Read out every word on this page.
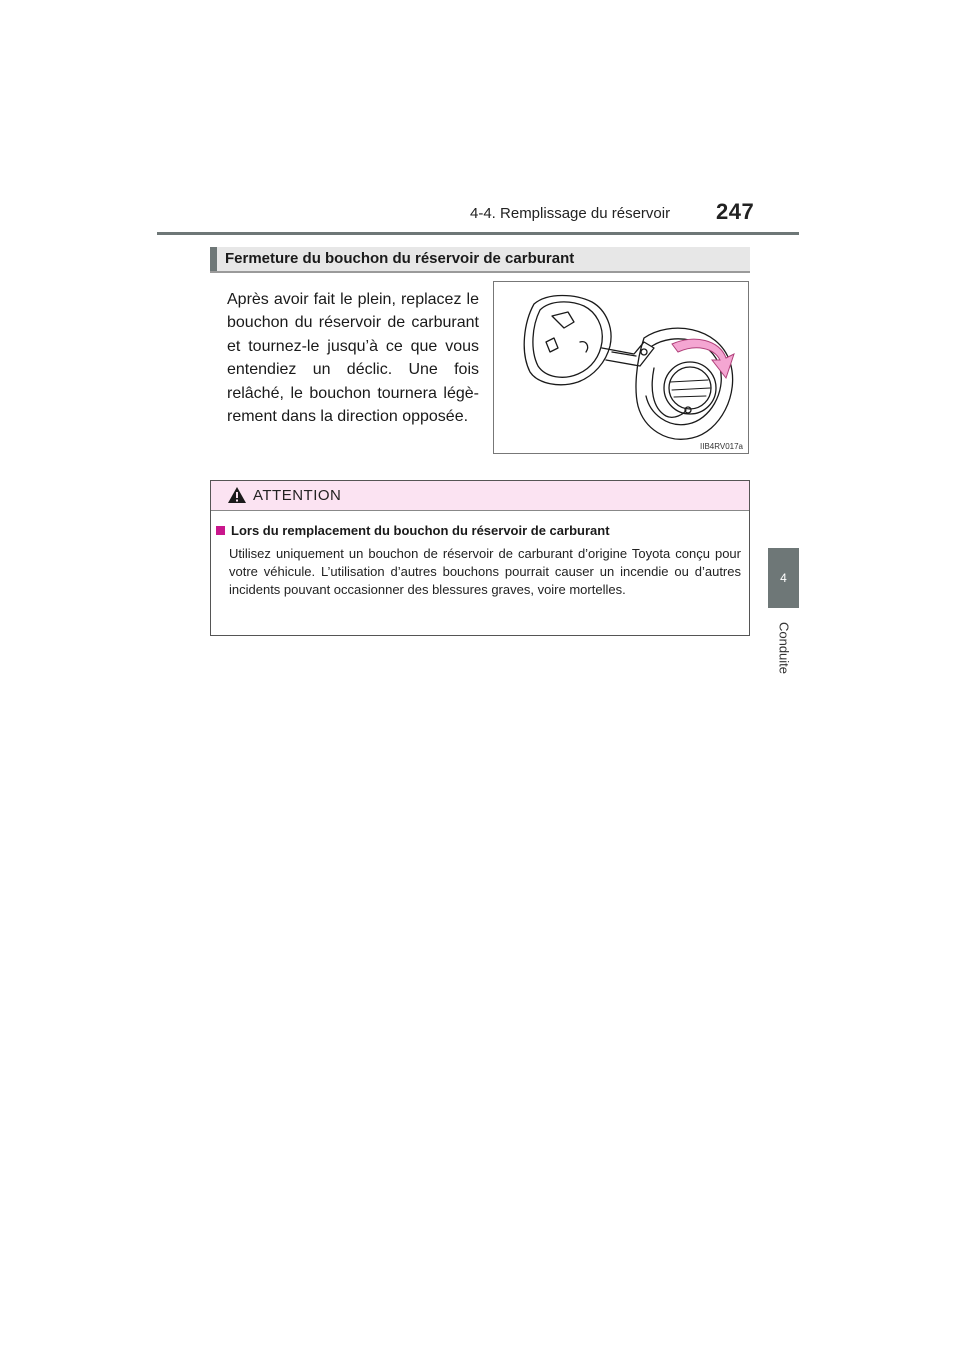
4-4. Remplissage du réservoir 247
4
Conduite
Fermeture du bouchon du réservoir de carburant
Après avoir fait le plein, replacez le bouchon du réservoir de carburant et tournez-le jusqu’à ce que vous entendiez un déclic. Une fois relâché, le bouchon tournera légèrement dans la direction opposée.
IIB4RV017a
ATTENTION
Lors du remplacement du bouchon du réservoir de carburant
Utilisez uniquement un bouchon de réservoir de carburant d’origine Toyota conçu pour votre véhicule. L’utilisation d’autres bouchons pourrait causer un incendie ou d’autres incidents pouvant occasionner des blessures graves, voire mortelles.
